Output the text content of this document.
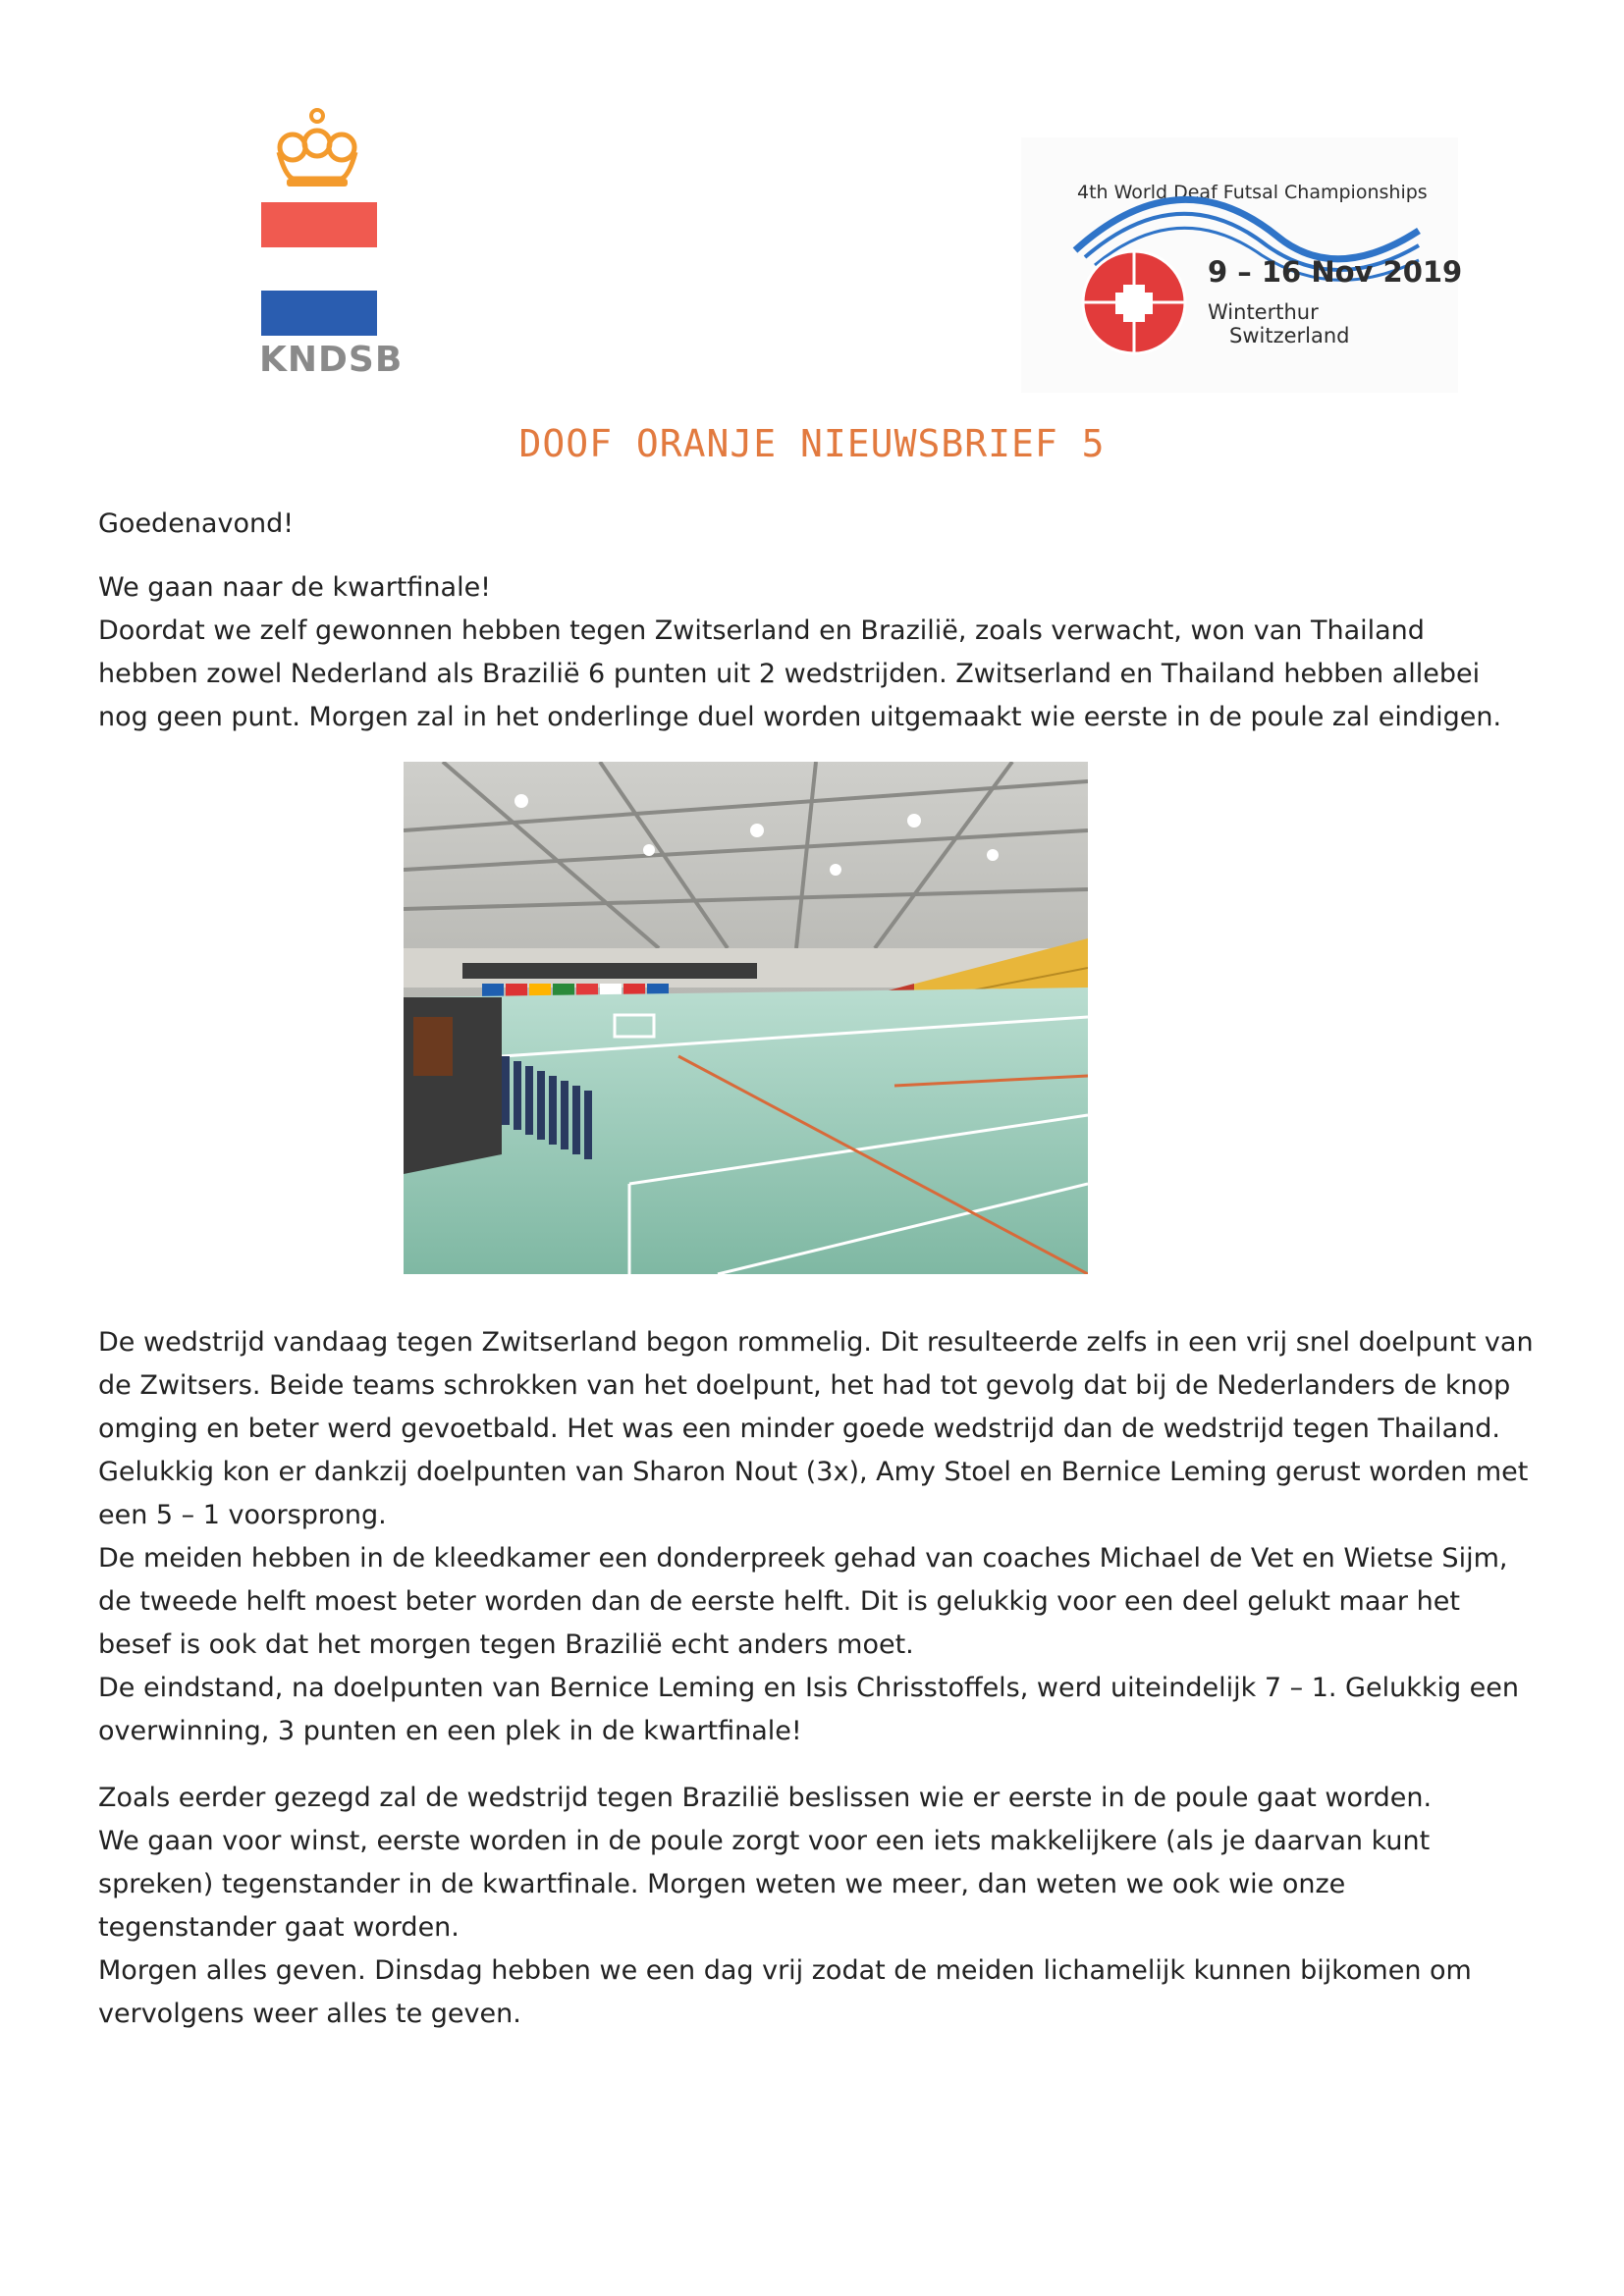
KNDSB
4th World Deaf Futsal Championships
9 – 16 Nov 2019
Winterthur
Switzerland
DOOF ORANJE NIEUWSBRIEF 5

Goedenavond!

We gaan naar de kwartfinale!
Doordat we zelf gewonnen hebben tegen Zwitserland en Brazilië, zoals verwacht, won van Thailand
hebben zowel Nederland als Brazilië 6 punten uit 2 wedstrijden. Zwitserland en Thailand hebben allebei
nog geen punt. Morgen zal in het onderlinge duel worden uitgemaakt wie eerste in de poule zal eindigen.

De wedstrijd vandaag tegen Zwitserland begon rommelig. Dit resulteerde zelfs in een vrij snel doelpunt van
de Zwitsers. Beide teams schrokken van het doelpunt, het had tot gevolg dat bij de Nederlanders de knop
omging en beter werd gevoetbald. Het was een minder goede wedstrijd dan de wedstrijd tegen Thailand.
Gelukkig kon er dankzij doelpunten van Sharon Nout (3x), Amy Stoel en Bernice Leming gerust worden met
een 5 – 1 voorsprong.
De meiden hebben in de kleedkamer een donderpreek gehad van coaches Michael de Vet en Wietse Sijm,
de tweede helft moest beter worden dan de eerste helft. Dit is gelukkig voor een deel gelukt maar het
besef is ook dat het morgen tegen Brazilië echt anders moet.
De eindstand, na doelpunten van Bernice Leming en Isis Chrisstoffels, werd uiteindelijk 7 – 1. Gelukkig een
overwinning, 3 punten en een plek in de kwartfinale!

Zoals eerder gezegd zal de wedstrijd tegen Brazilië beslissen wie er eerste in de poule gaat worden.
We gaan voor winst, eerste worden in de poule zorgt voor een iets makkelijkere (als je daarvan kunt
spreken) tegenstander in de kwartfinale. Morgen weten we meer, dan weten we ook wie onze
tegenstander gaat worden.
Morgen alles geven. Dinsdag hebben we een dag vrij zodat de meiden lichamelijk kunnen bijkomen om
vervolgens weer alles te geven.
